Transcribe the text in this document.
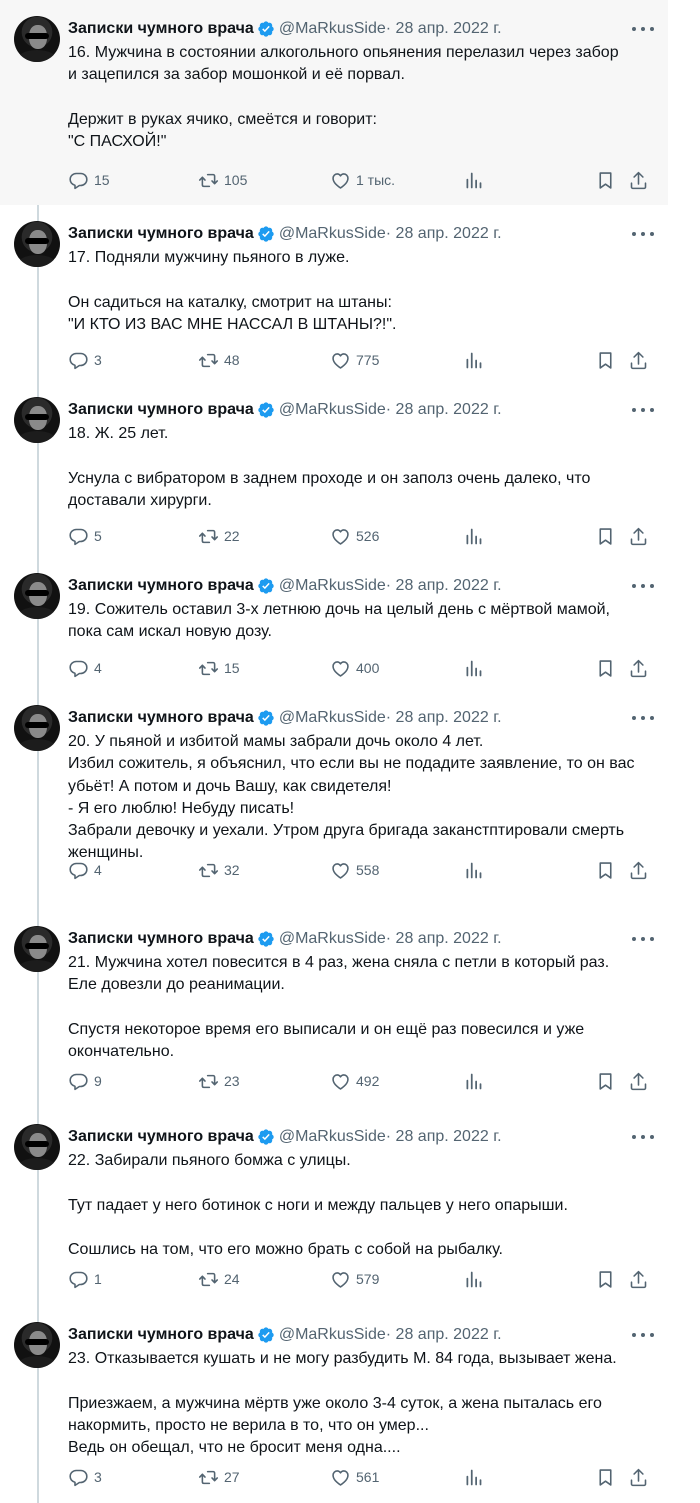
Записки чумного врача @MaRkusSide · 28 апр. 2022 г.
16. Мужчина в состоянии алкогольного опьянения перелазил через забор
и зацепился за забор мошонкой и её порвал.

Держит в руках ячико, смеётся и говорит:
"С ПАСХОЙ!"
15	105	1 тыс.
Записки чумного врача @MaRkusSide · 28 апр. 2022 г.
17. Подняли мужчину пьяного в луже.

Он садиться на каталку, смотрит на штаны:
"И КТО ИЗ ВАС МНЕ НАССАЛ В ШТАНЫ?!".
3	48	775
Записки чумного врача @MaRkusSide · 28 апр. 2022 г.
18. Ж. 25 лет.

Уснула с вибратором в заднем проходе и он заполз очень далеко, что
доставали хирурги.
5	22	526
Записки чумного врача @MaRkusSide · 28 апр. 2022 г.
19. Сожитель оставил 3-х летнюю дочь на целый день с мёртвой мамой,
пока сам искал новую дозу.
4	15	400
Записки чумного врача @MaRkusSide · 28 апр. 2022 г.
20. У пьяной и избитой мамы забрали дочь около 4 лет.
Избил сожитель, я объяснил, что если вы не подадите заявление, то он вас
убьёт! А потом и дочь Вашу, как свидетеля!
- Я его люблю! Небуду писать!
Забрали девочку и уехали. Утром друга бригада заканстптировали смерть
женщины.
4	32	558
Записки чумного врача @MaRkusSide · 28 апр. 2022 г.
21. Мужчина хотел повесится в 4 раз, жена сняла с петли в который раз.
Еле довезли до реанимации.

Спустя некоторое время его выписали и он ещё раз повесился и уже
окончательно.
9	23	492
Записки чумного врача @MaRkusSide · 28 апр. 2022 г.
22. Забирали пьяного бомжа с улицы.

Тут падает у него ботинок с ноги и между пальцев у него опарыши.

Сошлись на том, что его можно брать с собой на рыбалку.
1	24	579
Записки чумного врача @MaRkusSide · 28 апр. 2022 г.
23. Отказывается кушать и не могу разбудить М. 84 года, вызывает жена.

Приезжаем, а мужчина мёртв уже около 3-4 суток, а жена пыталась его
накормить, просто не верила в то, что он умер...
Ведь он обещал, что не бросит меня одна....
3	27	561
